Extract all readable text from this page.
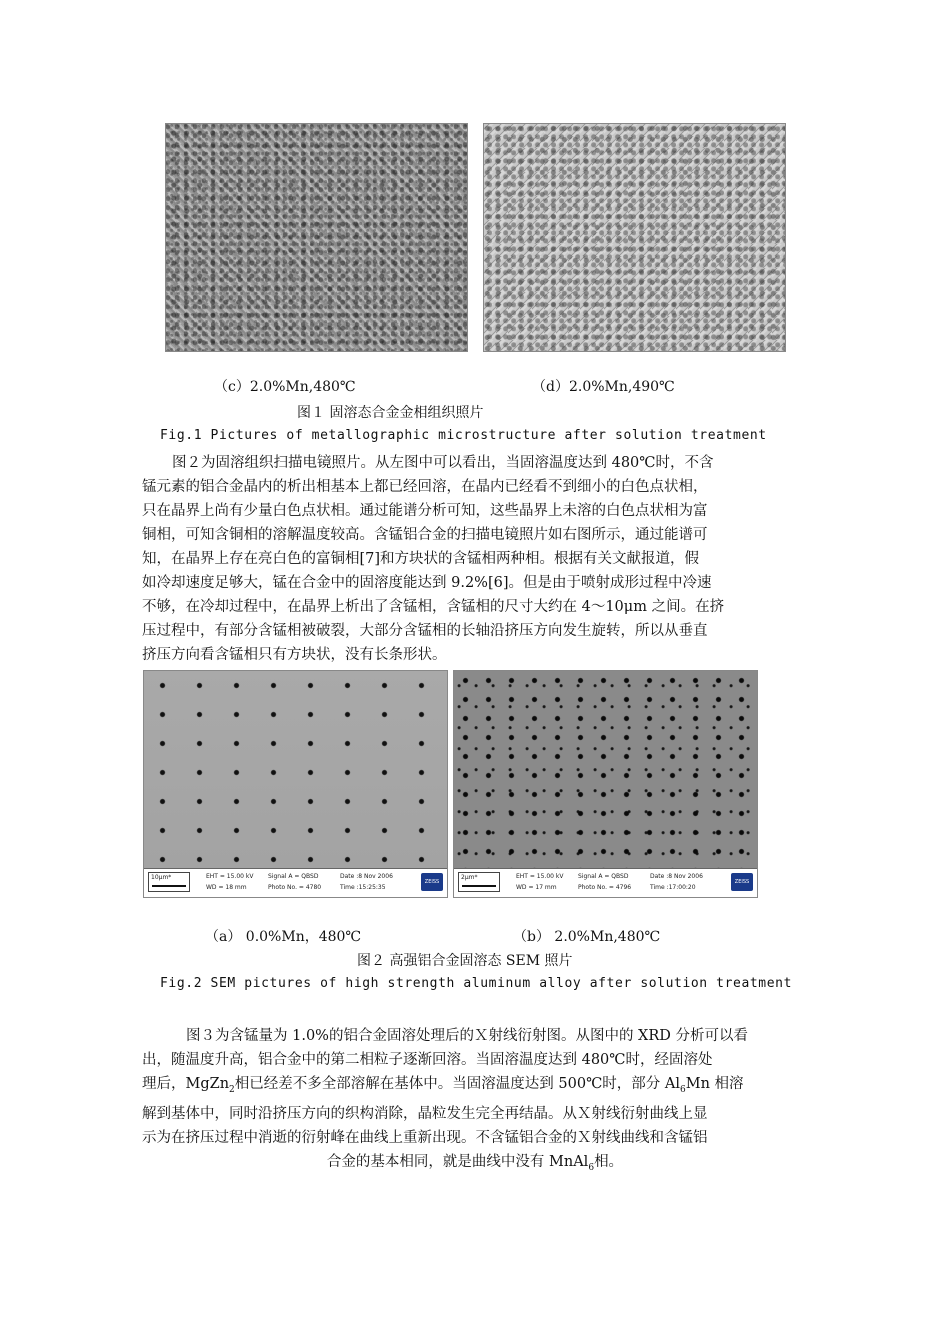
（c）2.0%Mn,480℃	（d）2.0%Mn,490℃
图１ 固溶态合金金相组织照片
Fig.1 Pictures of metallographic microstructure after solution treatment

图２为固溶组织扫描电镜照片。从左图中可以看出，当固溶温度达到 480℃时，不含

锰元素的铝合金晶内的析出相基本上都已经回溶，在晶内已经看不到细小的白色点状相，

只在晶界上尚有少量白色点状相。通过能谱分析可知，这些晶界上未溶的白色点状相为富

铜相，可知含铜相的溶解温度较高。含锰铝合金的扫描电镜照片如右图所示，通过能谱可

知，在晶界上存在亮白色的富铜相[7]和方块状的含锰相两种相。根据有关文献报道，假

如冷却速度足够大，锰在合金中的固溶度能达到 9.2%[6]。但是由于喷射成形过程中冷速

不够，在冷却过程中，在晶界上析出了含锰相，含锰相的尺寸大约在 4～10μm 之间。在挤

压过程中，有部分含锰相被破裂，大部分含锰相的长轴沿挤压方向发生旋转，所以从垂直

挤压方向看含锰相只有方块状，没有长条形状。

10μm*	EHT = 15.00 kV
WD = 18 mm
Signal A = QBSD
Photo No. = 4780
Date :8 Nov 2006
Time :15:25:35
ZEISS
2μm*	EHT = 15.00 kV
WD = 17 mm
Signal A = QBSD
Photo No. = 4796
Date :8 Nov 2006
Time :17:00:20
ZEISS
（a） 0.0%Mn，480℃	（b） 2.0%Mn,480℃
图２ 高强铝合金固溶态 SEM 照片
Fig.2 SEM pictures of high strength aluminum alloy after solution treatment

图３为含锰量为 1.0%的铝合金固溶处理后的Ｘ射线衍射图。从图中的 XRD 分析可以看

出，随温度升高，铝合金中的第二相粒子逐渐回溶。当固溶温度达到 480℃时，经固溶处

理后，MgZn$_2$相已经差不多全部溶解在基体中。当固溶温度达到 500℃时，部分 $Al_6Mn$ 相溶

解到基体中，同时沿挤压方向的织构消除，晶粒发生完全再结晶。从Ｘ射线衍射曲线上显

示为在挤压过程中消逝的衍射峰在曲线上重新出现。不含锰铝合金的Ｘ射线曲线和含锰铝

合金的基本相同，就是曲线中没有 MnAl$_6$相。
